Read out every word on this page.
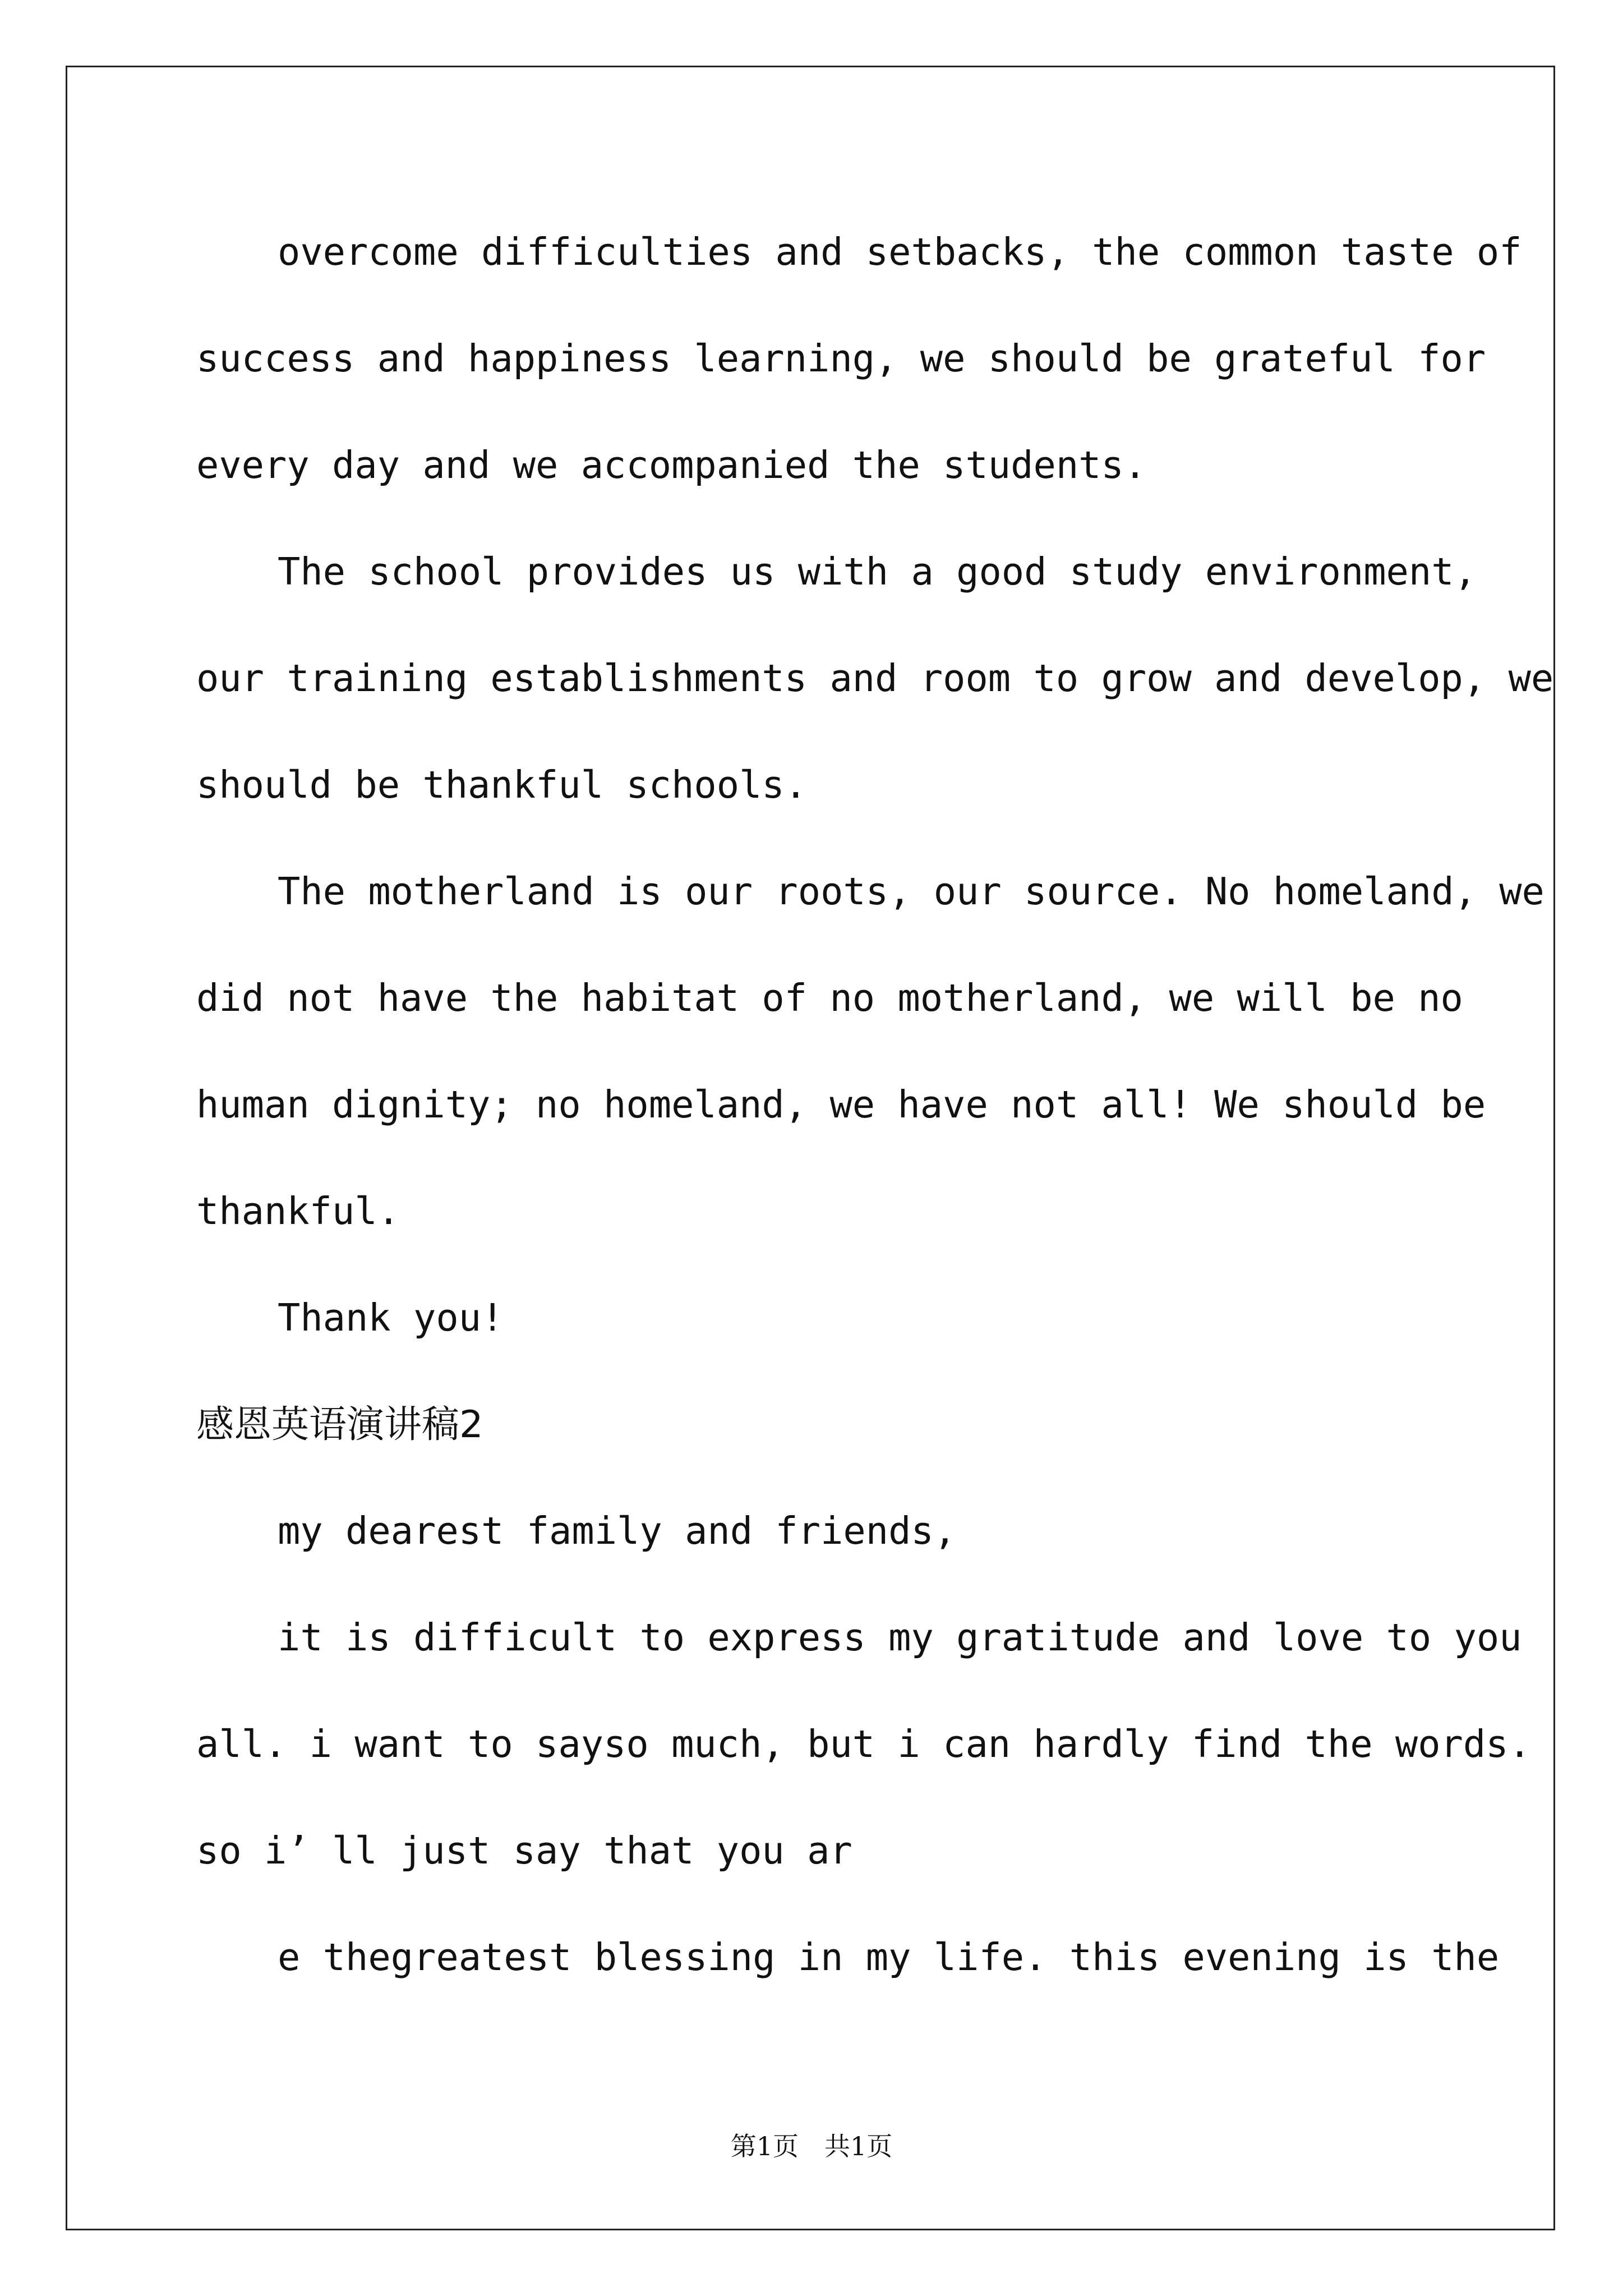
overcome difficulties and setbacks, the common taste of
success and happiness learning, we should be grateful for
every day and we accompanied the students.
The school provides us with a good study environment,
our training establishments and room to grow and develop, we
should be thankful schools.
The motherland is our roots, our source. No homeland, we
did not have the habitat of no motherland, we will be no
human dignity; no homeland, we have not all! We should be
thankful.
Thank you!
感恩英语演讲稿2
my dearest family and friends,
it is difficult to express my gratitude and love to you
all. i want to sayso much, but i can hardly find the words.
so i’ ll just say that you ar
e thegreatest blessing in my life. this evening is the
第1页　共1页
